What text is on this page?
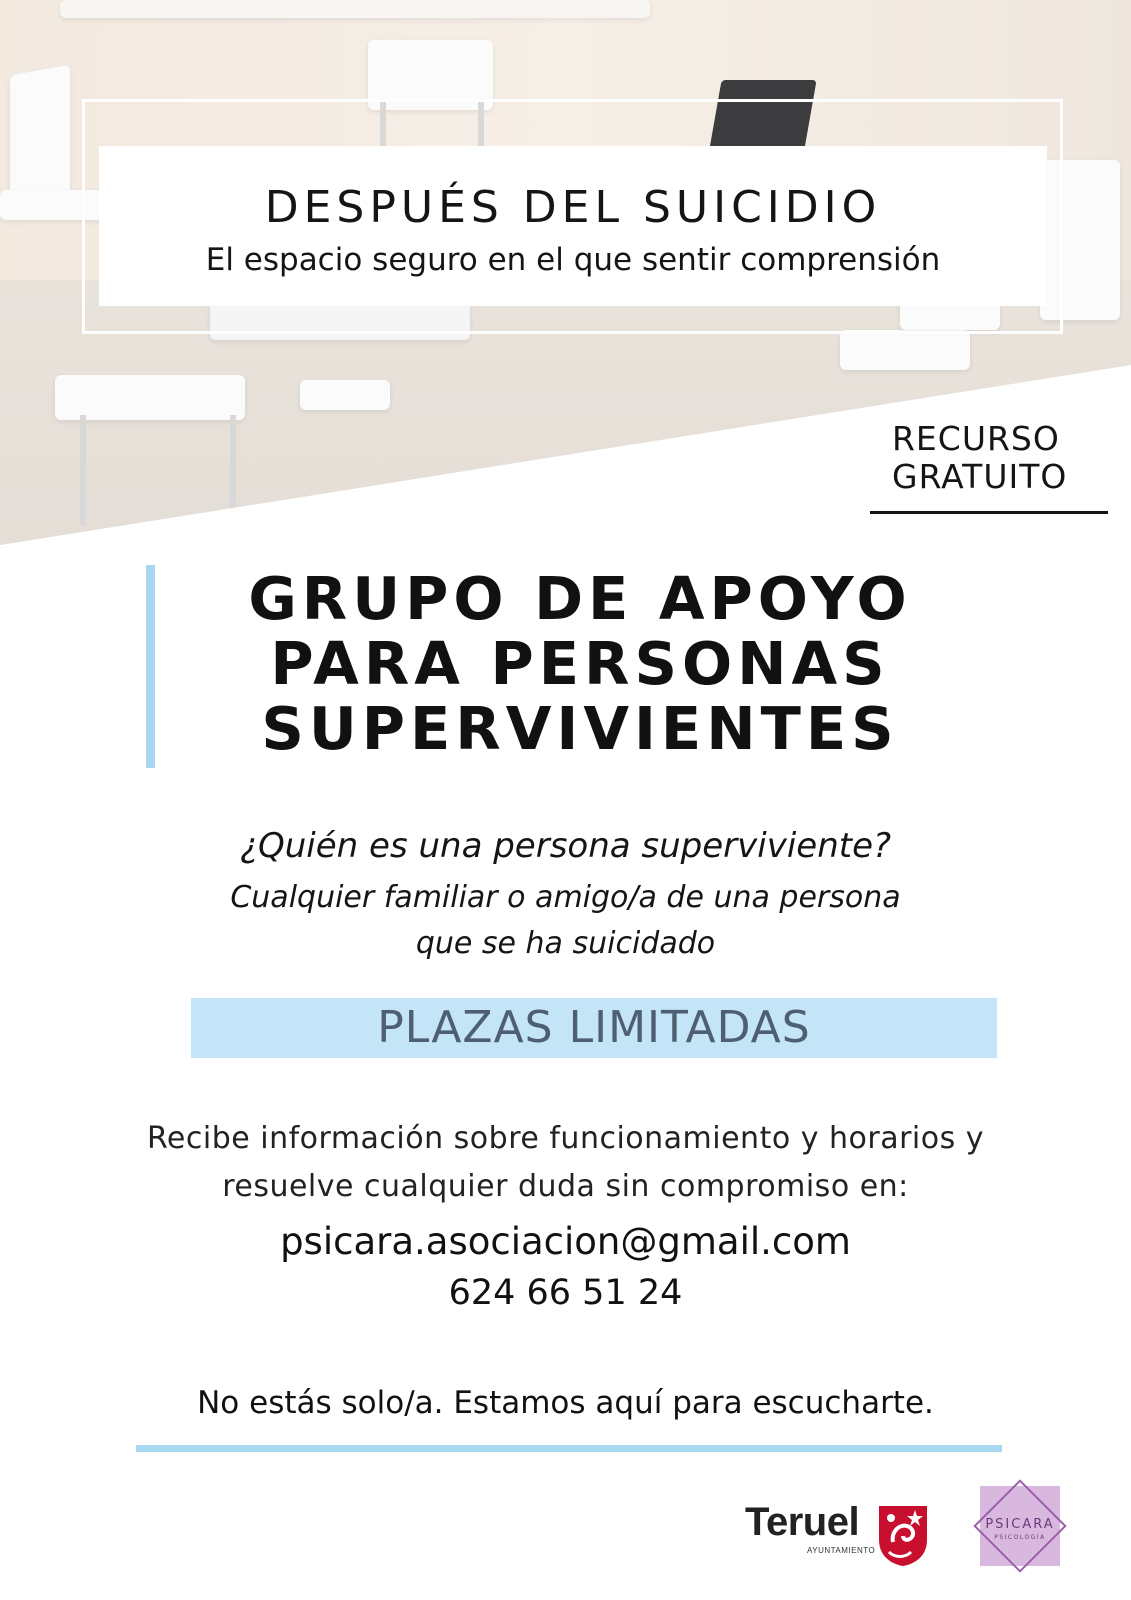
DESPUÉS DEL SUICIDIO
El espacio seguro en el que sentir comprensión
RECURSO
GRATUITO
GRUPO DE APOYO
PARA PERSONAS
SUPERVIVIENTES
¿Quién es una persona superviviente?
Cualquier familiar o amigo/a de una persona
que se ha suicidado
PLAZAS LIMITADAS
Recibe información sobre funcionamiento y horarios y
resuelve cualquier duda sin compromiso en:
psicara.asociacion@gmail.com
624 66 51 24
No estás solo/a. Estamos aquí para escucharte.
Teruel
AYUNTAMIENTO
PSICARA
PSICOLOGÍA
